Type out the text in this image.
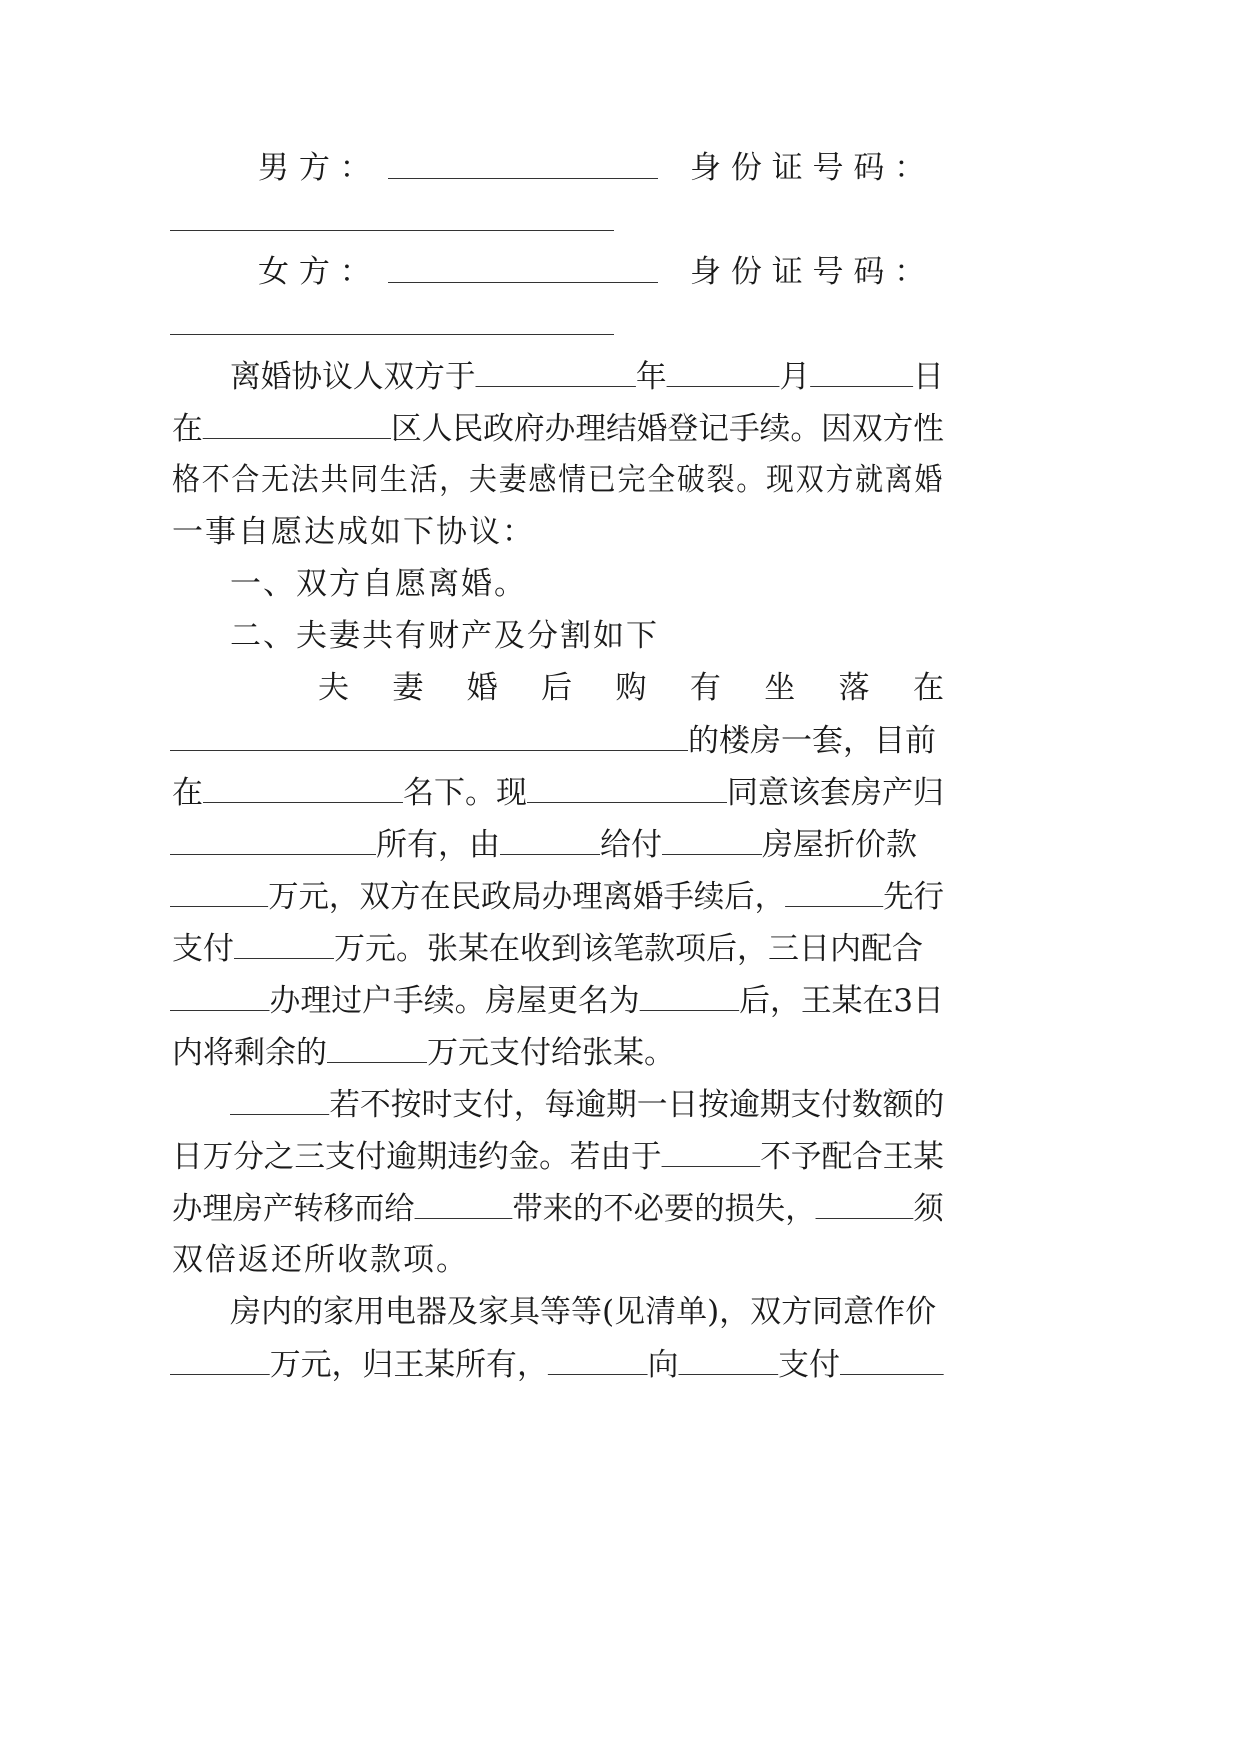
男 方 ：	身 份 证 号 码 ：
女 方 ：	身 份 证 号 码 ：
离婚协议人双方于	年	月	日
在	区人民政府办理结婚登记手续。因双方性
格不合无法共同生活，夫妻感情已完全破裂。现双方就离婚
一事自愿达成如下协议：
一、双方自愿离婚。
二、夫妻共有财产及分割如下
夫 妻 婚 后 购 有 坐 落 在
的楼房一套，目前
在	名下。现	同意该套房产归
所有，由	给付	房屋折价款
万元，双方在民政局办理离婚手续后，	先行
支付	万元。张某在收到该笔款项后，三日内配合
办理过户手续。房屋更名为	后，王某在3日
内将剩余的	万元支付给张某。
若不按时支付，每逾期一日按逾期支付数额的
日万分之三支付逾期违约金。若由于	不予配合王某
办理房产转移而给	带来的不必要的损失，	须
双倍返还所收款项。
房内的家用电器及家具等等(见清单)，双方同意作价
万元，归王某所有，	向	支付
